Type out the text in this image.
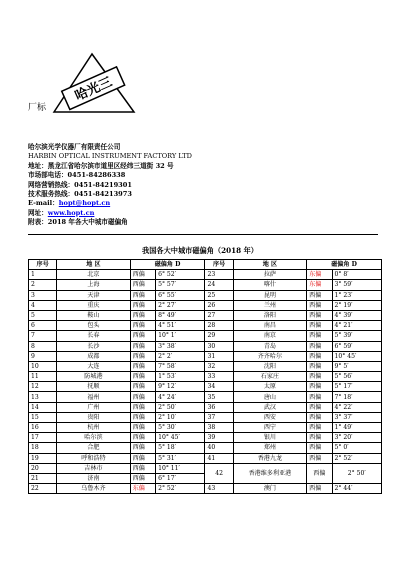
厂标
哈光三
哈尔滨光学仪器厂有限责任公司
HARBIN OPTICAL INSTRUMENT FACTORY LTD
地址：黑龙江省哈尔滨市道里区经纬三道街 32 号
市场部电话：0451-84286338
网络营销热线：0451-84219301
技术服务热线：0451-84213973
E-mail：hopt@hopt.cn
网址：www.hopt.cn
附表：2018 年各大中城市磁偏角
我国各大中城市磁偏角（2018 年）
序号	地 区	磁偏角 D		序号	地 区	磁偏角 D	
1	北京	西偏	6° 52′	23	拉萨	东偏	0° 8′
2	上海	西偏	5° 57′	24	喀什	东偏	3° 59′
3	天津	西偏	6° 55′	25	昆明	西偏	1° 23′
4	重庆	西偏	2° 27′	26	兰州	西偏	2° 19′
5	鞍山	西偏	8° 49′	27	洛阳	西偏	4° 39′
6	包头	西偏	4° 51′	28	南昌	西偏	4° 21′
7	长春	西偏	10° 1′	29	南京	西偏	5° 39′
8	长沙	西偏	3° 38′	30	青岛	西偏	6° 59′
9	成都	西偏	2° 2′	31	齐齐哈尔	西偏	10° 45′
10	大连	西偏	7° 58′	32	沈阳	西偏	9° 5′
11	防城港	西偏	1° 53′	33	石家庄	西偏	5° 56′
12	抚顺	西偏	9° 12′	34	太原	西偏	5° 17′
13	福州	西偏	4° 24′	35	唐山	西偏	7° 18′
14	广州	西偏	2° 50′	36	武汉	西偏	4° 22′
15	贵阳	西偏	2° 10′	37	西安	西偏	3° 37′
16	杭州	西偏	5° 30′	38	西宁	西偏	1° 49′
17	哈尔滨	西偏	10° 45′	39	银川	西偏	3° 20′
18	合肥	西偏	5° 18′	40	郑州	西偏	5° 0′
19	呼和浩特	西偏	5° 31′	41	香港九龙	西偏	2° 52′
20	吉林市	西偏	10° 11′	42	香港维多利亚港	西偏	2° 50′
21	济南	西偏	6° 17′				
22	乌鲁木齐	东偏	2° 52′	43	澳门	西偏	2° 44′
